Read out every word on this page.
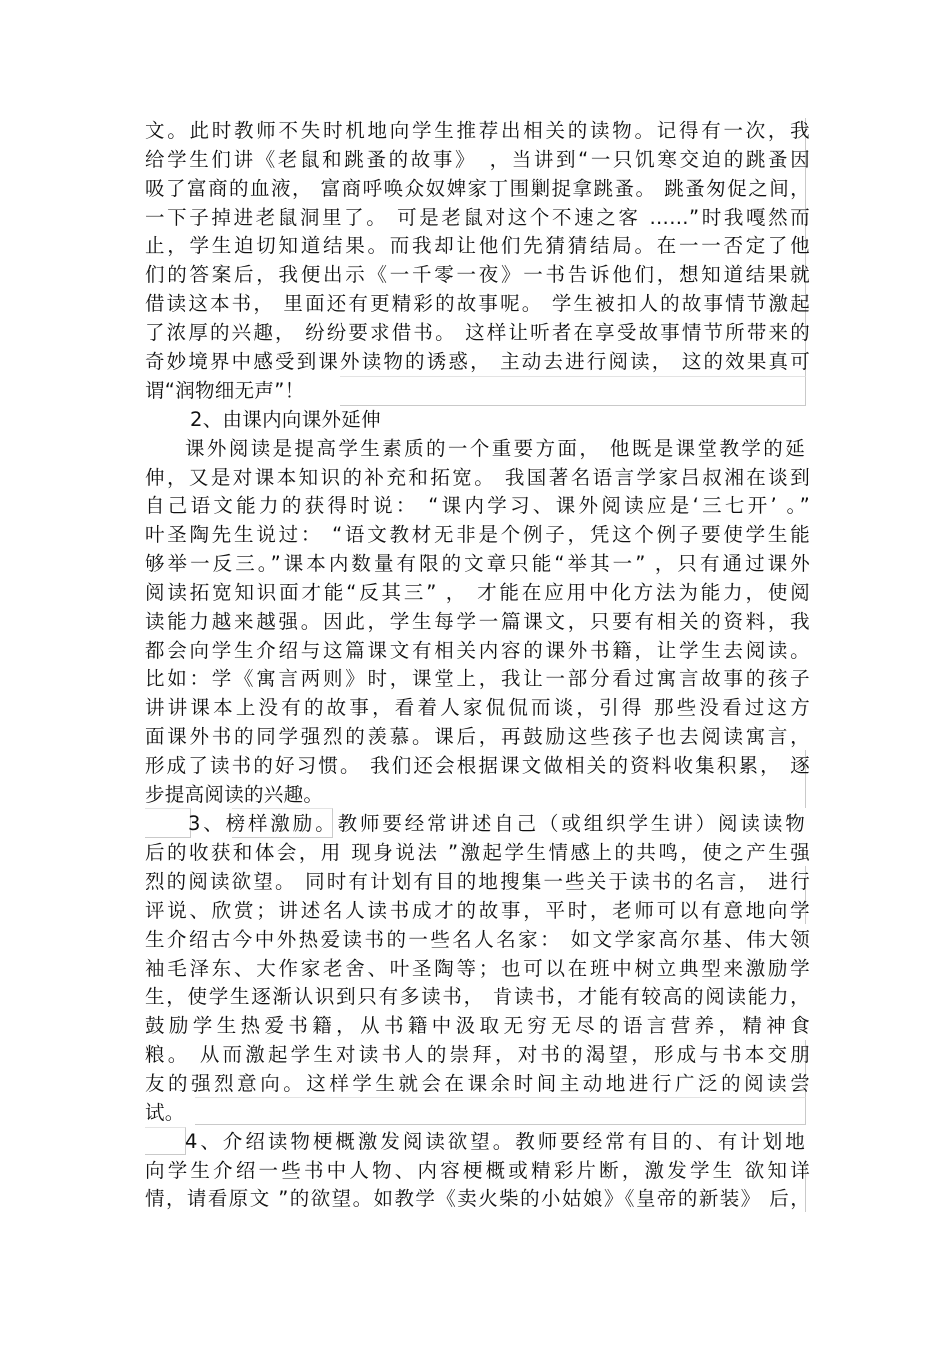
文。此时教师不失时机地向学生推荐出相关的读物。记得有一次，我
给学生们讲《老鼠和跳蚤的故事》　，当讲到“一只饥寒交迫的跳蚤因
吸了富商的血液， 富商呼唤众奴婢家丁围剿捉拿跳蚤。 跳蚤匆促之间，
一下子掉进老鼠洞里了。 可是老鼠对这个不速之客 ……”时我嘎然而
止，学生迫切知道结果。而我却让他们先猜猜结局。在一一否定了他
们的答案后，我便出示《一千零一夜》一书告诉他们，想知道结果就
借读这本书， 里面还有更精彩的故事呢。 学生被扣人的故事情节激起
了浓厚的兴趣， 纷纷要求借书。 这样让听者在享受故事情节所带来的
奇妙境界中感受到课外读物的诱惑， 主动去进行阅读， 这的效果真可
谓“润物细无声”！
2、由课内向课外延伸
课外阅读是提高学生素质的一个重要方面， 他既是课堂教学的延
伸，又是对课本知识的补充和拓宽。 我国著名语言学家吕叔湘在谈到
自己语文能力的获得时说： “课内学习、课外阅读应是‘三七开’ 。”
叶圣陶先生说过： “语文教材无非是个例子，凭这个例子要使学生能
够举一反三。”课本内数量有限的文章只能“举其一” ，只有通过课外
阅读拓宽知识面才能“反其三” ， 才能在应用中化方法为能力，使阅
读能力越来越强。因此，学生每学一篇课文，只要有相关的资料，我
都会向学生介绍与这篇课文有相关内容的课外书籍，让学生去阅读。
比如：学《寓言两则》时，课堂上，我让一部分看过寓言故事的孩子
讲讲课本上没有的故事，看着人家侃侃而谈，引得 那些没看过这方
面课外书的同学强烈的羡慕。课后，再鼓励这些孩子也去阅读寓言，
形成了读书的好习惯。 我们还会根据课文做相关的资料收集积累， 逐
步提高阅读的兴趣。
3、榜样激励。教师要经常讲述自己（或组织学生讲）阅读读物
后的收获和体会，用 现身说法 ”激起学生情感上的共鸣，使之产生强
烈的阅读欲望。 同时有计划有目的地搜集一些关于读书的名言， 进行
评说、欣赏；讲述名人读书成才的故事，平时，老师可以有意地向学
生介绍古今中外热爱读书的一些名人名家： 如文学家高尔基、伟大领
袖毛泽东、大作家老舍、叶圣陶等；也可以在班中树立典型来激励学
生，使学生逐渐认识到只有多读书， 肯读书，才能有较高的阅读能力，
鼓励学生热爱书籍，从书籍中汲取无穷无尽的语言营养，精神食
粮。 从而激起学生对读书人的崇拜，对书的渴望，形成与书本交朋
友的强烈意向。这样学生就会在课余时间主动地进行广泛的阅读尝
试。
4、介绍读物梗概激发阅读欲望。教师要经常有目的、有计划地
向学生介绍一些书中人物、内容梗概或精彩片断，激发学生 欲知详
情，请看原文 ”的欲望。如教学《卖火柴的小姑娘》《皇帝的新装》 后，
